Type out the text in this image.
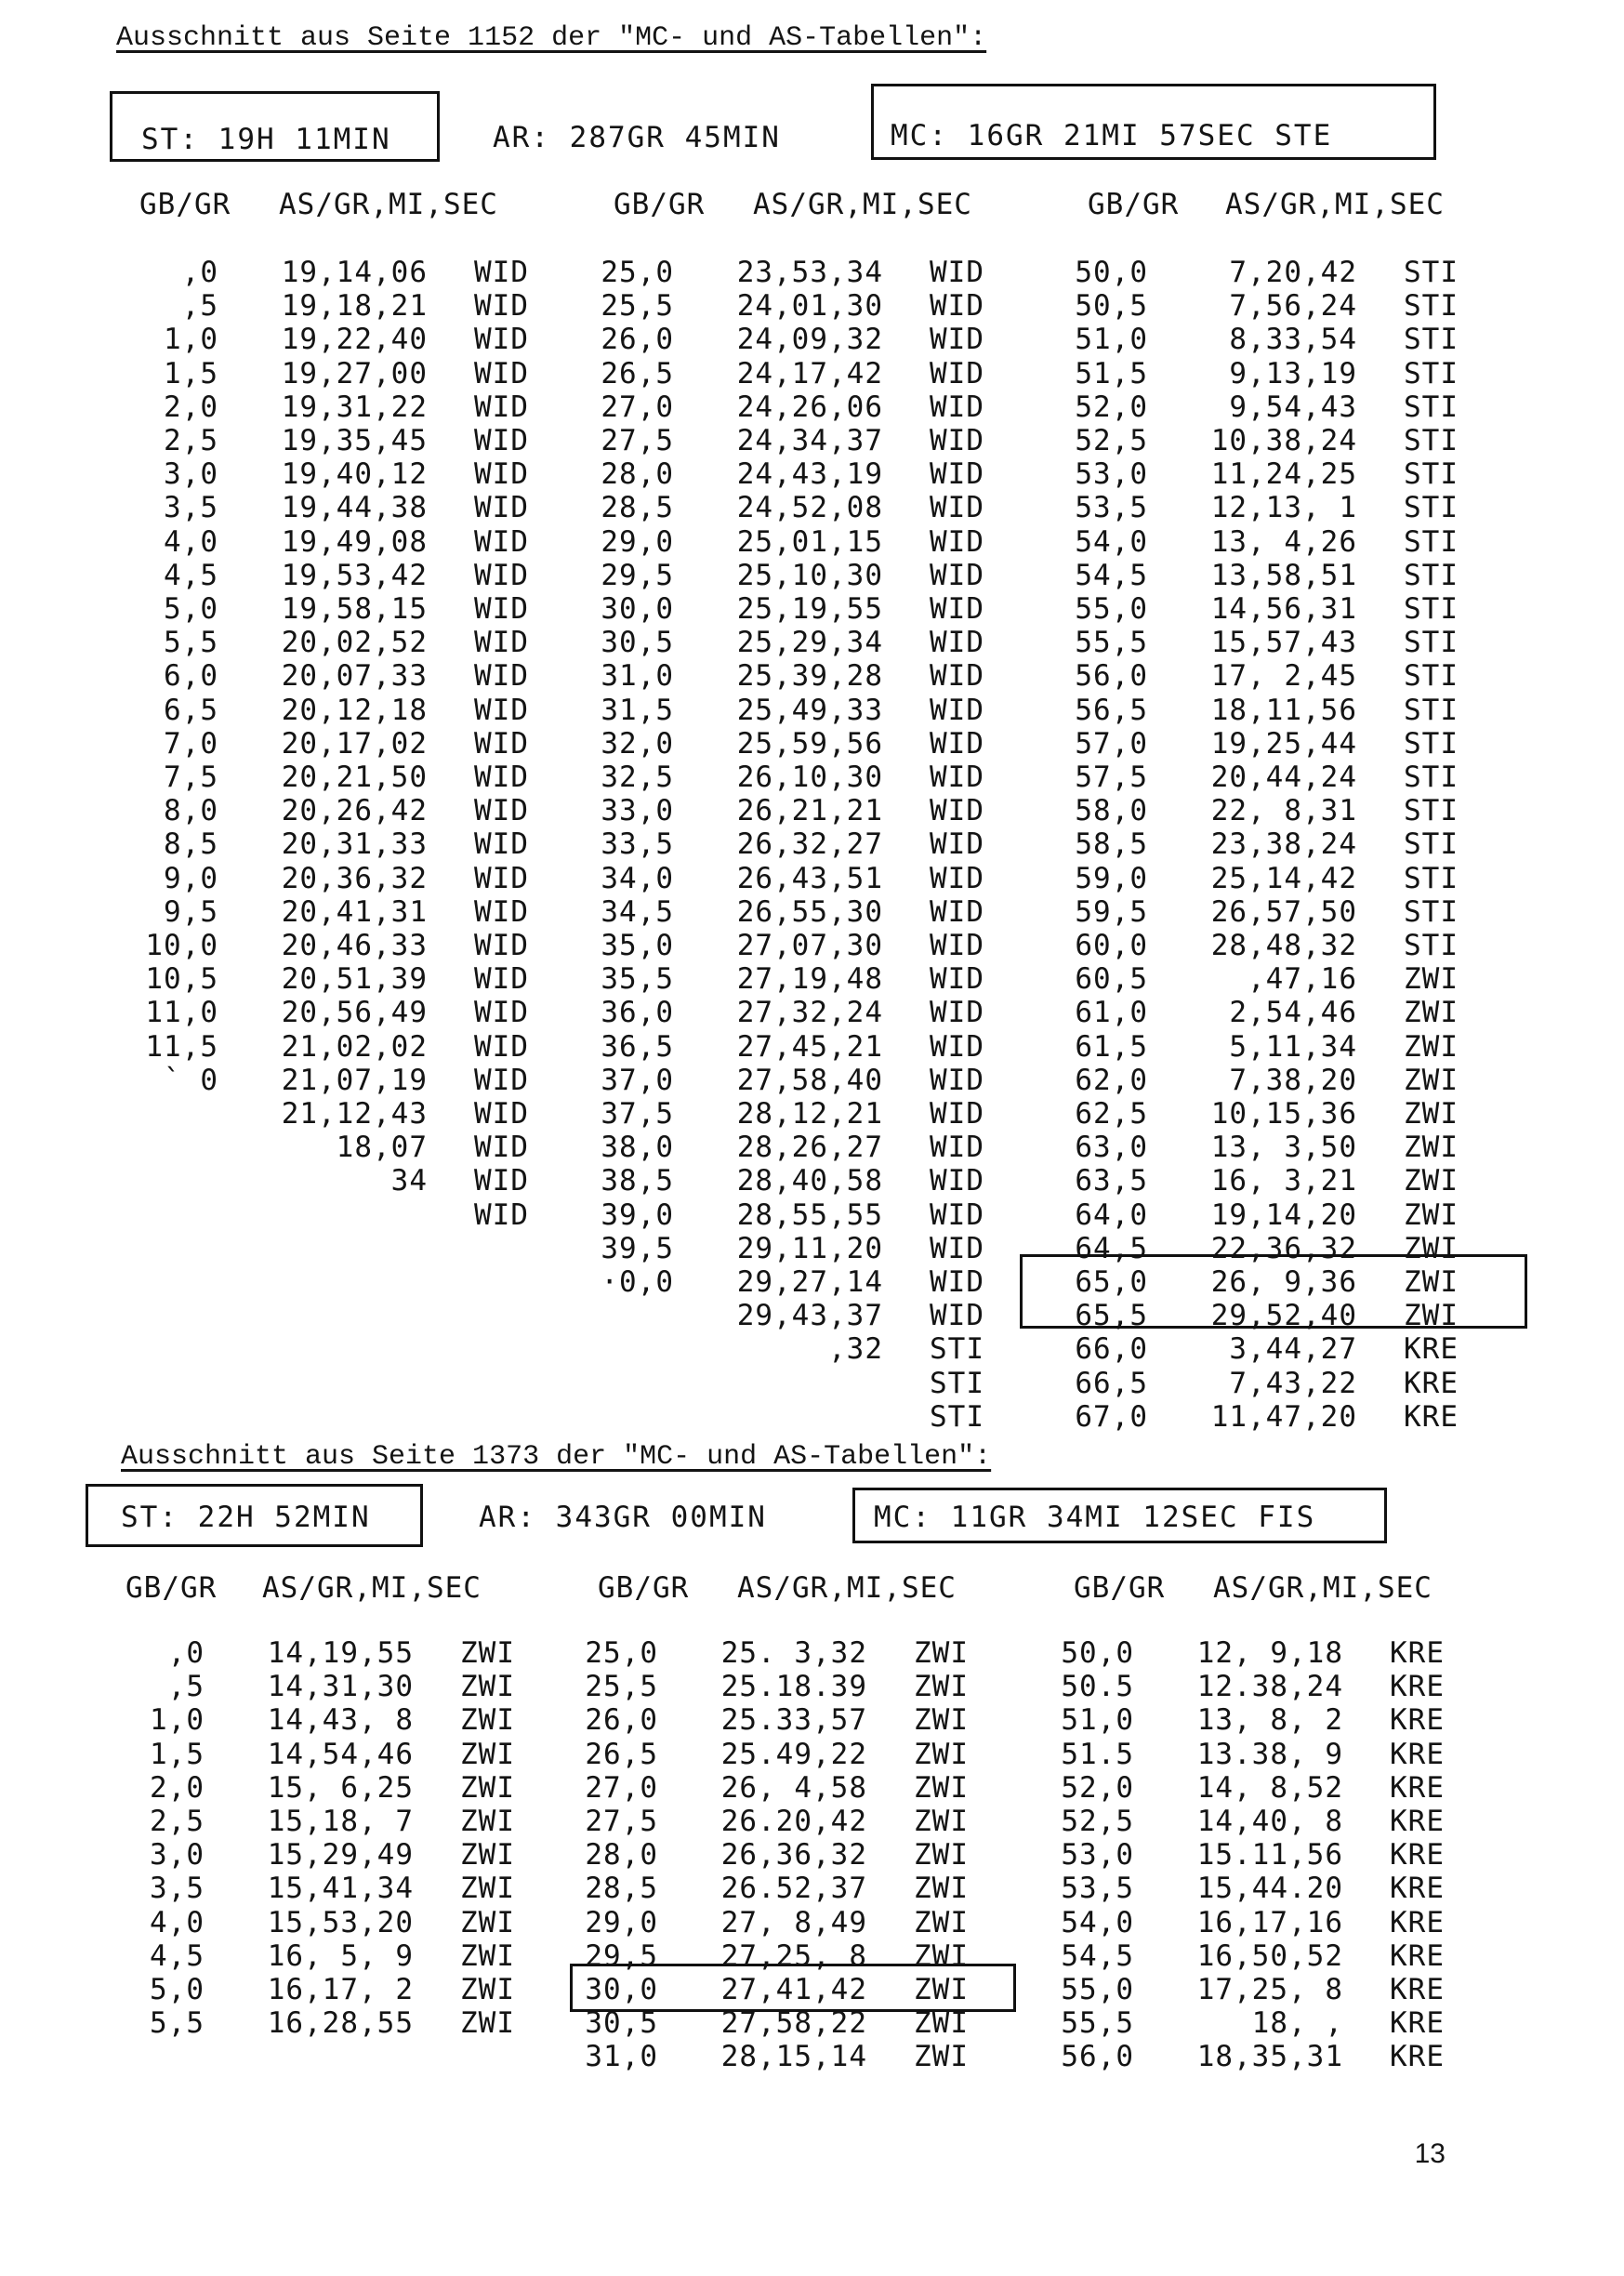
Ausschnitt aus Seite 1152 der "MC- und AS-Tabellen":
ST: 19H 11MIN	AR: 287GR 45MIN	MC: 16GR 21MI 57SEC STE
GB/GR AS/GR,MI,SEC	GB/GR AS/GR,MI,SEC	GB/GR AS/GR,MI,SEC
,0	19,14,06 WID
,5	19,18,21 WID
1,0	19,22,40 WID
1,5	19,27,00 WID
2,0	19,31,22 WID
2,5	19,35,45 WID
3,0	19,40,12 WID
3,5	19,44,38 WID
4,0	19,49,08 WID
4,5	19,53,42 WID
5,0	19,58,15 WID
5,5	20,02,52 WID
6,0	20,07,33 WID
6,5	20,12,18 WID
7,0	20,17,02 WID
7,5	20,21,50 WID
8,0	20,26,42 WID
8,5	20,31,33 WID
9,0	20,36,32 WID
9,5	20,41,31 WID
10,0	20,46,33 WID
10,5	20,51,39 WID
11,0	20,56,49 WID
11,5	21,02,02 WID
` 0	21,07,19 WID
21,12,43 WID
18,07 WID
34 WID
WID
25,0	23,53,34 WID
25,5	24,01,30 WID
26,0	24,09,32 WID
26,5	24,17,42 WID
27,0	24,26,06 WID
27,5	24,34,37 WID
28,0	24,43,19 WID
28,5	24,52,08 WID
29,0	25,01,15 WID
29,5	25,10,30 WID
30,0	25,19,55 WID
30,5	25,29,34 WID
31,0	25,39,28 WID
31,5	25,49,33 WID
32,0	25,59,56 WID
32,5	26,10,30 WID
33,0	26,21,21 WID
33,5	26,32,27 WID
34,0	26,43,51 WID
34,5	26,55,30 WID
35,0	27,07,30 WID
35,5	27,19,48 WID
36,0	27,32,24 WID
36,5	27,45,21 WID
37,0	27,58,40 WID
37,5	28,12,21 WID
38,0	28,26,27 WID
38,5	28,40,58 WID
39,0	28,55,55 WID
39,5	29,11,20 WID
·0,0	29,27,14 WID
29,43,37 WID
,32 STI
STI
STI
50,0	7,20,42 STI
50,5	7,56,24 STI
51,0	8,33,54 STI
51,5	9,13,19 STI
52,0	9,54,43 STI
52,5	10,38,24 STI
53,0	11,24,25 STI
53,5	12,13, 1 STI
54,0	13, 4,26 STI
54,5	13,58,51 STI
55,0	14,56,31 STI
55,5	15,57,43 STI
56,0	17, 2,45 STI
56,5	18,11,56 STI
57,0	19,25,44 STI
57,5	20,44,24 STI
58,0	22, 8,31 STI
58,5	23,38,24 STI
59,0	25,14,42 STI
59,5	26,57,50 STI
60,0	28,48,32 STI
60,5	,47,16 ZWI
61,0	2,54,46 ZWI
61,5	5,11,34 ZWI
62,0	7,38,20 ZWI
62,5	10,15,36 ZWI
63,0	13, 3,50 ZWI
63,5	16, 3,21 ZWI
64,0	19,14,20 ZWI
64,5	22,36,32 ZWI
65,0	26, 9,36 ZWI
65,5	29,52,40 ZWI
66,0	3,44,27 KRE
66,5	7,43,22 KRE
67,0	11,47,20 KRE
Ausschnitt aus Seite 1373 der "MC- und AS-Tabellen":
ST: 22H 52MIN	AR: 343GR 00MIN	MC: 11GR 34MI 12SEC FIS
GB/GR AS/GR,MI,SEC	GB/GR AS/GR,MI,SEC	GB/GR AS/GR,MI,SEC
,0	14,19,55 ZWI
,5	14,31,30 ZWI
1,0	14,43, 8 ZWI
1,5	14,54,46 ZWI
2,0	15, 6,25 ZWI
2,5	15,18, 7 ZWI
3,0	15,29,49 ZWI
3,5	15,41,34 ZWI
4,0	15,53,20 ZWI
4,5	16, 5, 9 ZWI
5,0	16,17, 2 ZWI
5,5	16,28,55 ZWI
25,0	25. 3,32 ZWI
25,5	25.18.39 ZWI
26,0	25.33,57 ZWI
26,5	25.49,22 ZWI
27,0	26, 4,58 ZWI
27,5	26.20,42 ZWI
28,0	26,36,32 ZWI
28,5	26.52,37 ZWI
29,0	27, 8,49 ZWI
29,5	27,25, 8 ZWI
30,0	27,41,42 ZWI
30,5	27,58,22 ZWI
31,0	28,15,14 ZWI
50,0	12, 9,18 KRE
50.5	12.38,24 KRE
51,0	13, 8, 2 KRE
51.5	13.38, 9 KRE
52,0	14, 8,52 KRE
52,5	14,40, 8 KRE
53,0	15.11,56 KRE
53,5	15,44.20 KRE
54,0	16,17,16 KRE
54,5	16,50,52 KRE
55,0	17,25, 8 KRE
55,5	18, , KRE
56,0	18,35,31 KRE
13
